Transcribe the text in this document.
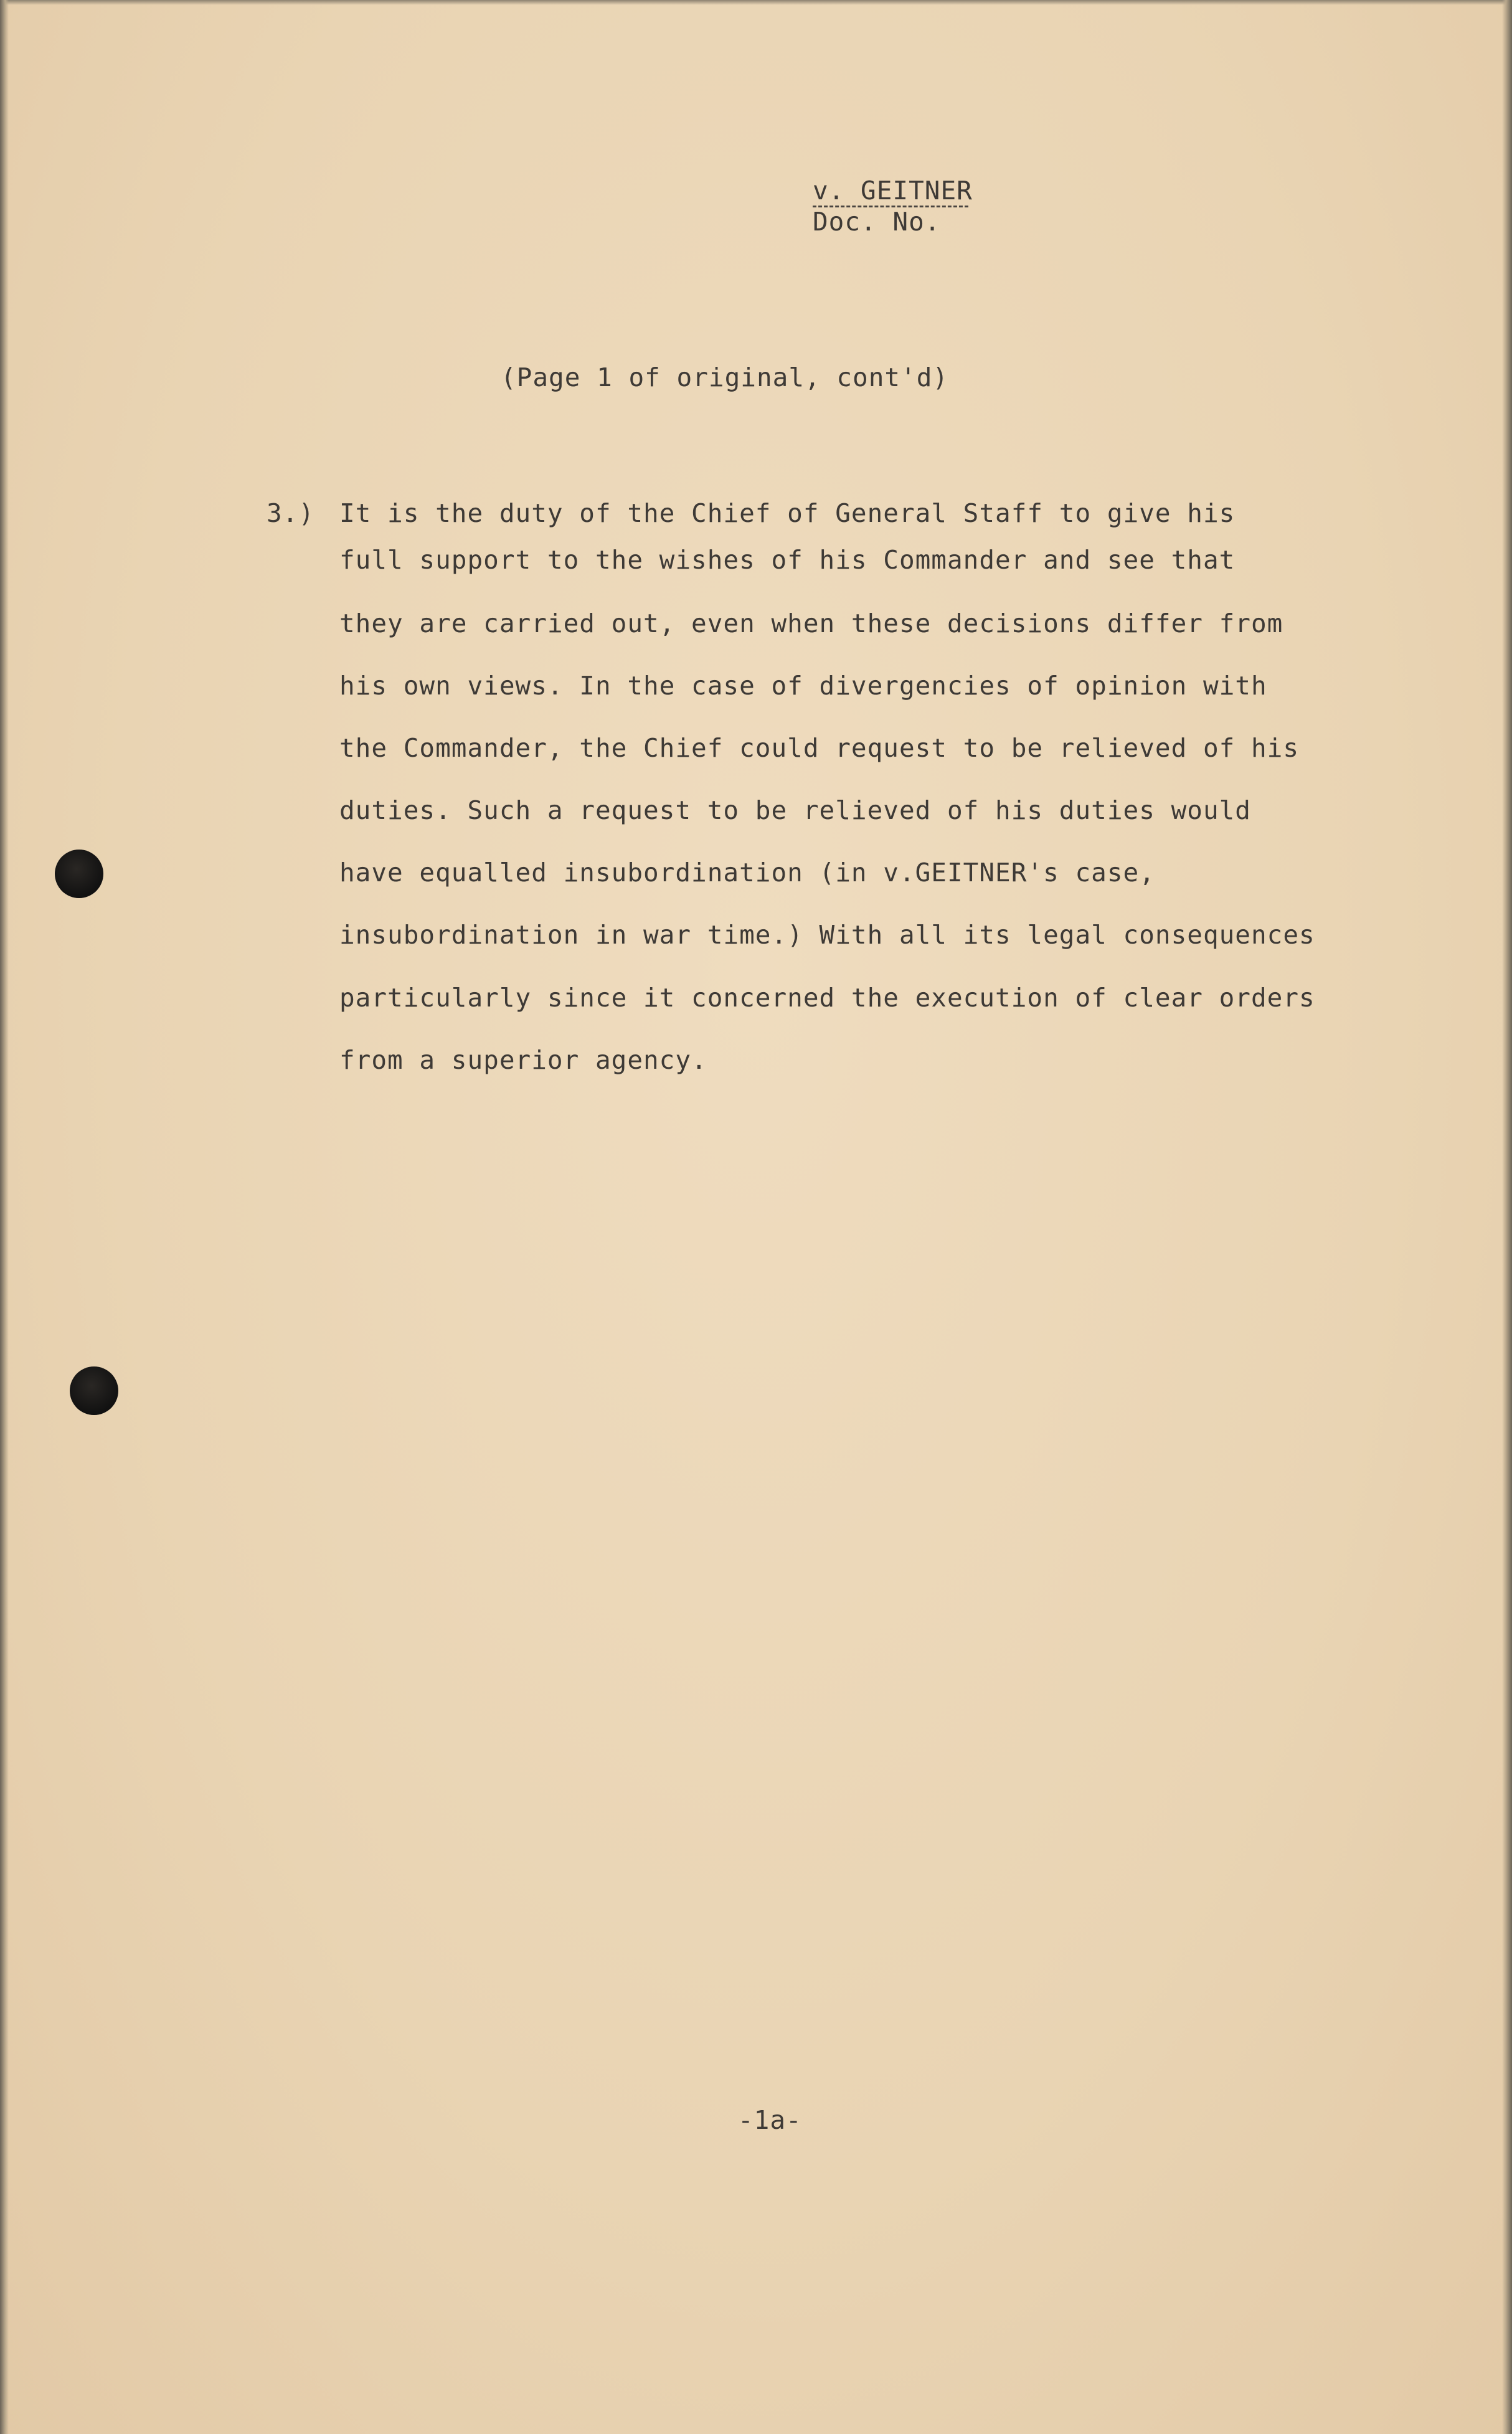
v. GEITNER
Doc. No.
(Page 1 of original, cont'd)
3.) It is the duty of the Chief of General Staff to give his
full support to the wishes of his Commander and see that
they are carried out, even when these decisions differ from
his own views. In the case of divergencies of opinion with
the Commander, the Chief could request to be relieved of his
duties. Such a request to be relieved of his duties would
have equalled insubordination (in v.GEITNER's case,
insubordination in war time.) With all its legal consequences
particularly since it concerned the execution of clear orders
from a superior agency.
-1a-
